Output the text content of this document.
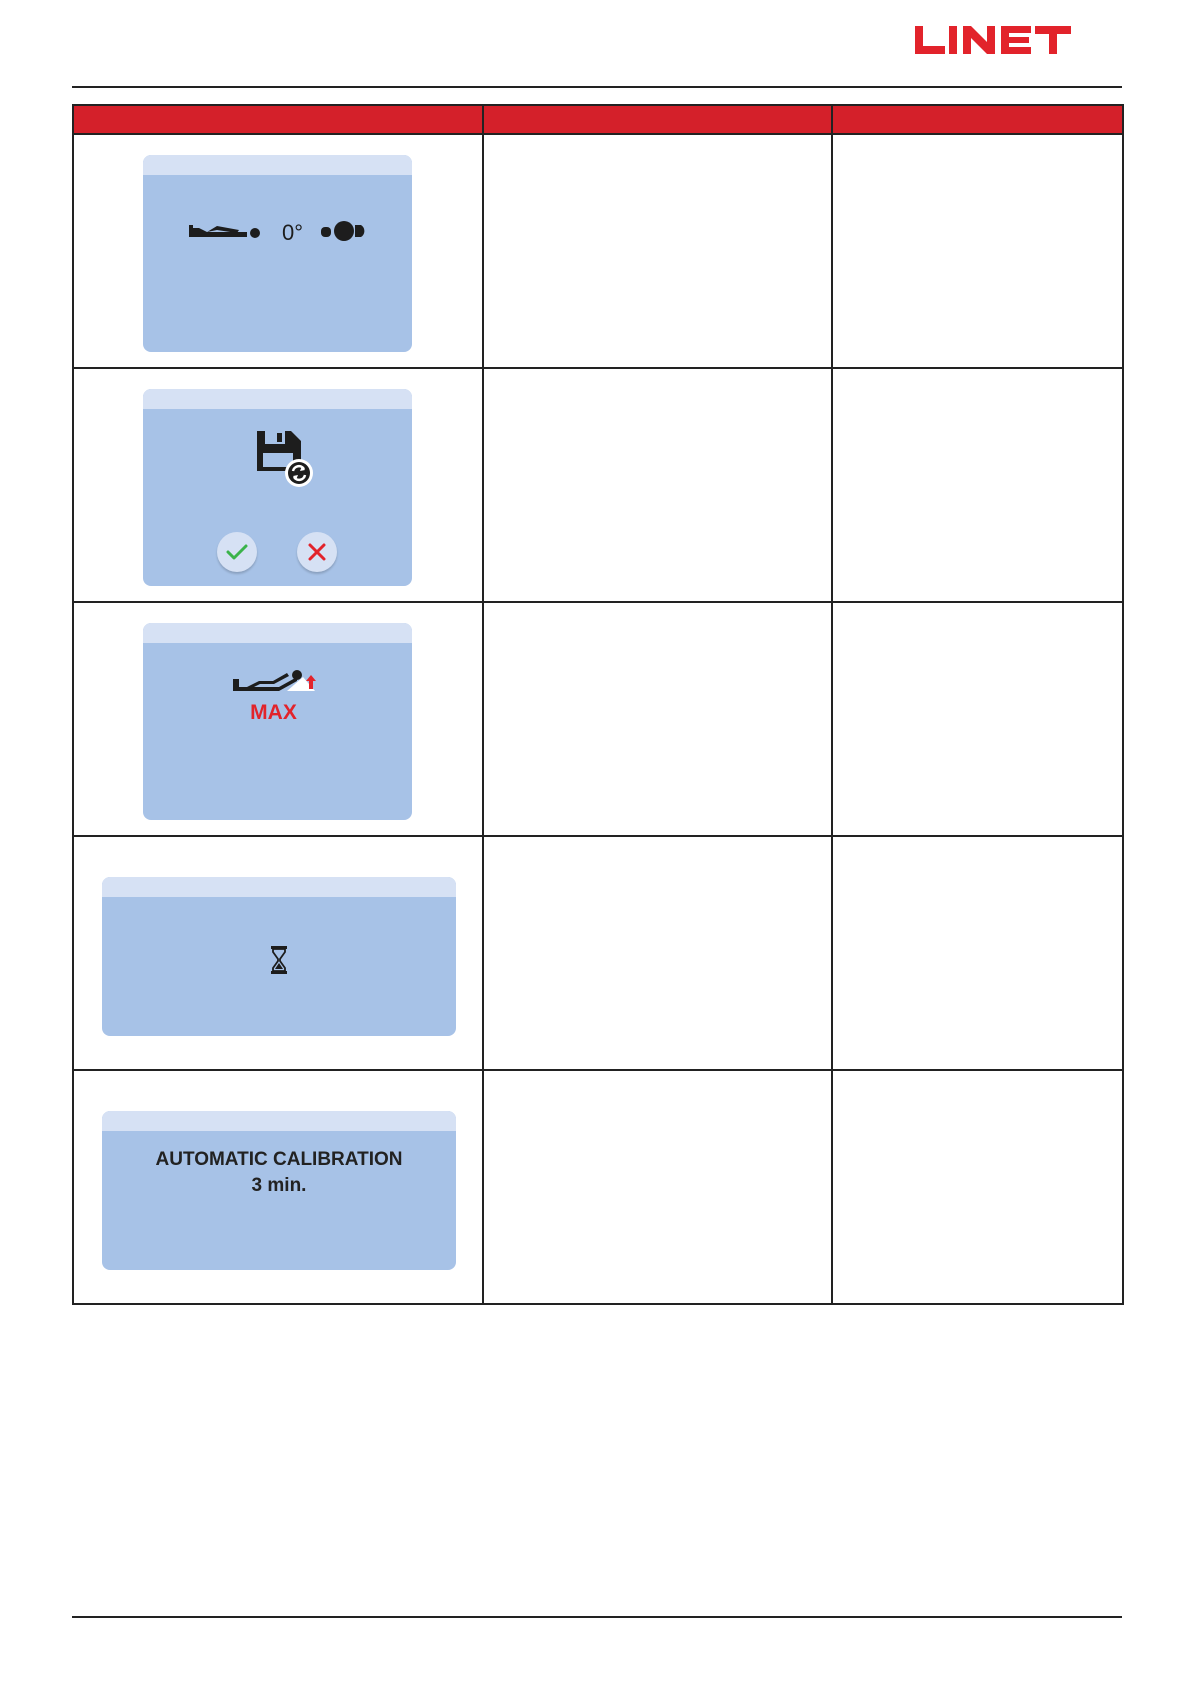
0°		

MAX		

AUTOMATIC CALIBRATION
3 min.		
